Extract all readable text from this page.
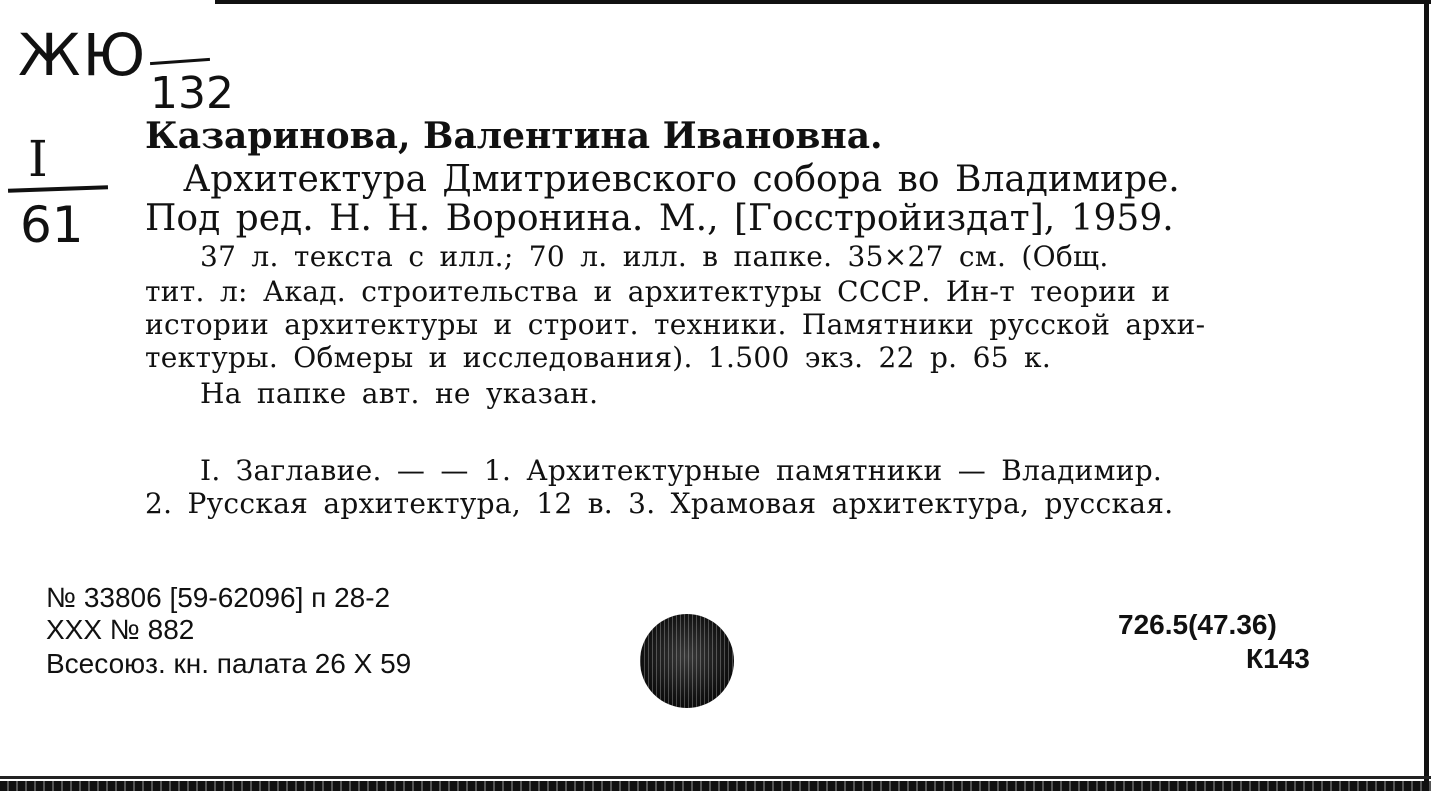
ЖЮ
132
I
61
Казаринова, Валентина Ивановна.
Архитектура Дмитриевского собора во Владимире.
Под ред. Н. Н. Воронина. М., [Госстройиздат], 1959.
37 л. текста с илл.; 70 л. илл. в папке. 35×27 см. (Общ.
тит. л: Акад. строительства и архитектуры СССР. Ин-т теории и
истории архитектуры и строит. техники. Памятники русской архи-
тектуры. Обмеры и исследования). 1.500 экз. 22 р. 65 к.
На папке авт. не указан.
I. Заглавие. — — 1. Архитектурные памятники — Владимир.
2. Русская архитектура, 12 в. 3. Храмовая архитектура, русская.
№ 33806 [59-62096] п 28-2
XXX № 882
Всесоюз. кн. палата 26 X 59
726.5(47.36)
К143
